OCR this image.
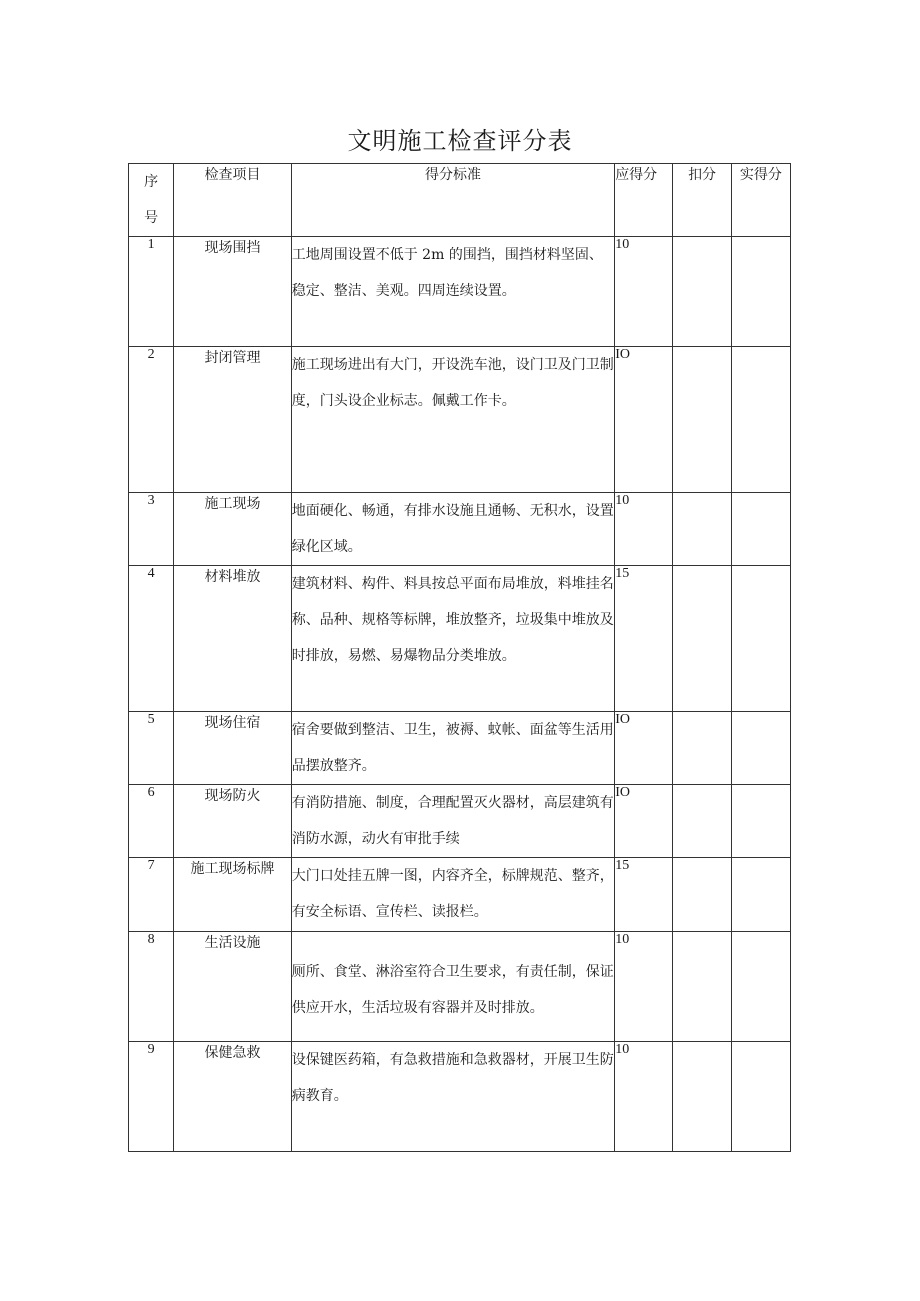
文明施工检查评分表
序
号	检查项目	得分标准	应得分	扣分	实得分
1	现场围挡	工地周围设置不低于 2m 的围挡，围挡材料坚固、稳定、整洁、美观。四周连续设置。	10		
2	封闭管理	施工现场进出有大门，开设洗车池，设门卫及门卫制度，门头设企业标志。佩戴工作卡。	IO		
3	施工现场	地面硬化、畅通，有排水设施且通畅、无积水，设置绿化区域。	10		
4	材料堆放	建筑材料、构件、料具按总平面布局堆放，料堆挂名称、品种、规格等标牌，堆放整齐，垃圾集中堆放及时排放，易燃、易爆物品分类堆放。	15		
5	现场住宿	宿舍要做到整洁、卫生，被褥、蚊帐、面盆等生活用品摆放整齐。	IO		
6	现场防火	有消防措施、制度，合理配置灭火器材，高层建筑有消防水源，动火有审批手续	IO		
7	施工现场标牌	大门口处挂五牌一图，内容齐全，标牌规范、整齐，有安全标语、宣传栏、读报栏。	15		
8	生活设施	厕所、食堂、淋浴室符合卫生要求，有责任制，保证供应开水，生活垃圾有容器并及时排放。	10		
9	保健急救	设保键医药箱，有急救措施和急救器材，开展卫生防病教育。	10		
